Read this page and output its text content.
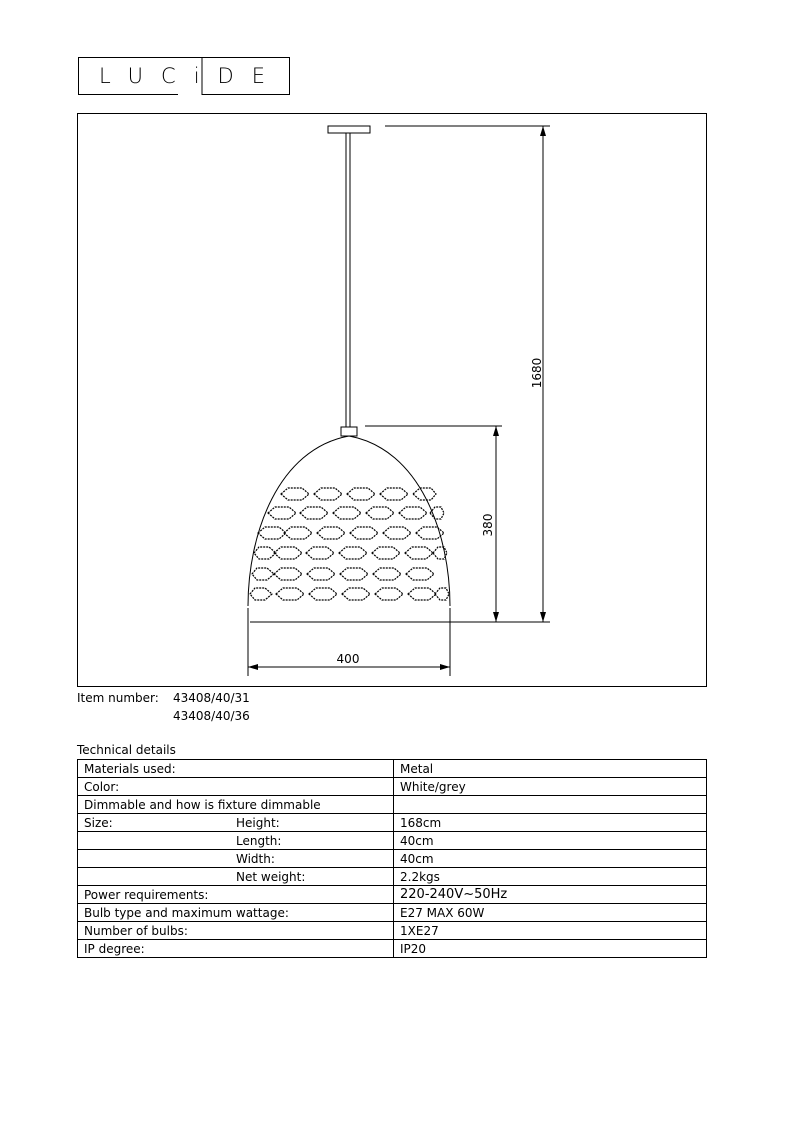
LUCiDE
1680
380
400
Item number:	43408/40/31
43408/40/36
Technical details
Materials used:	Metal

Color:	White/grey

Dimmable and how is fixture dimmable	

Size: Height:	168cm

Length:	40cm

Width:	40cm

Net weight:	2.2kgs

Power requirements:	220-240V~50Hz

Bulb type and maximum wattage:	E27 MAX 60W

Number of bulbs:	1XE27

IP degree:	IP20
